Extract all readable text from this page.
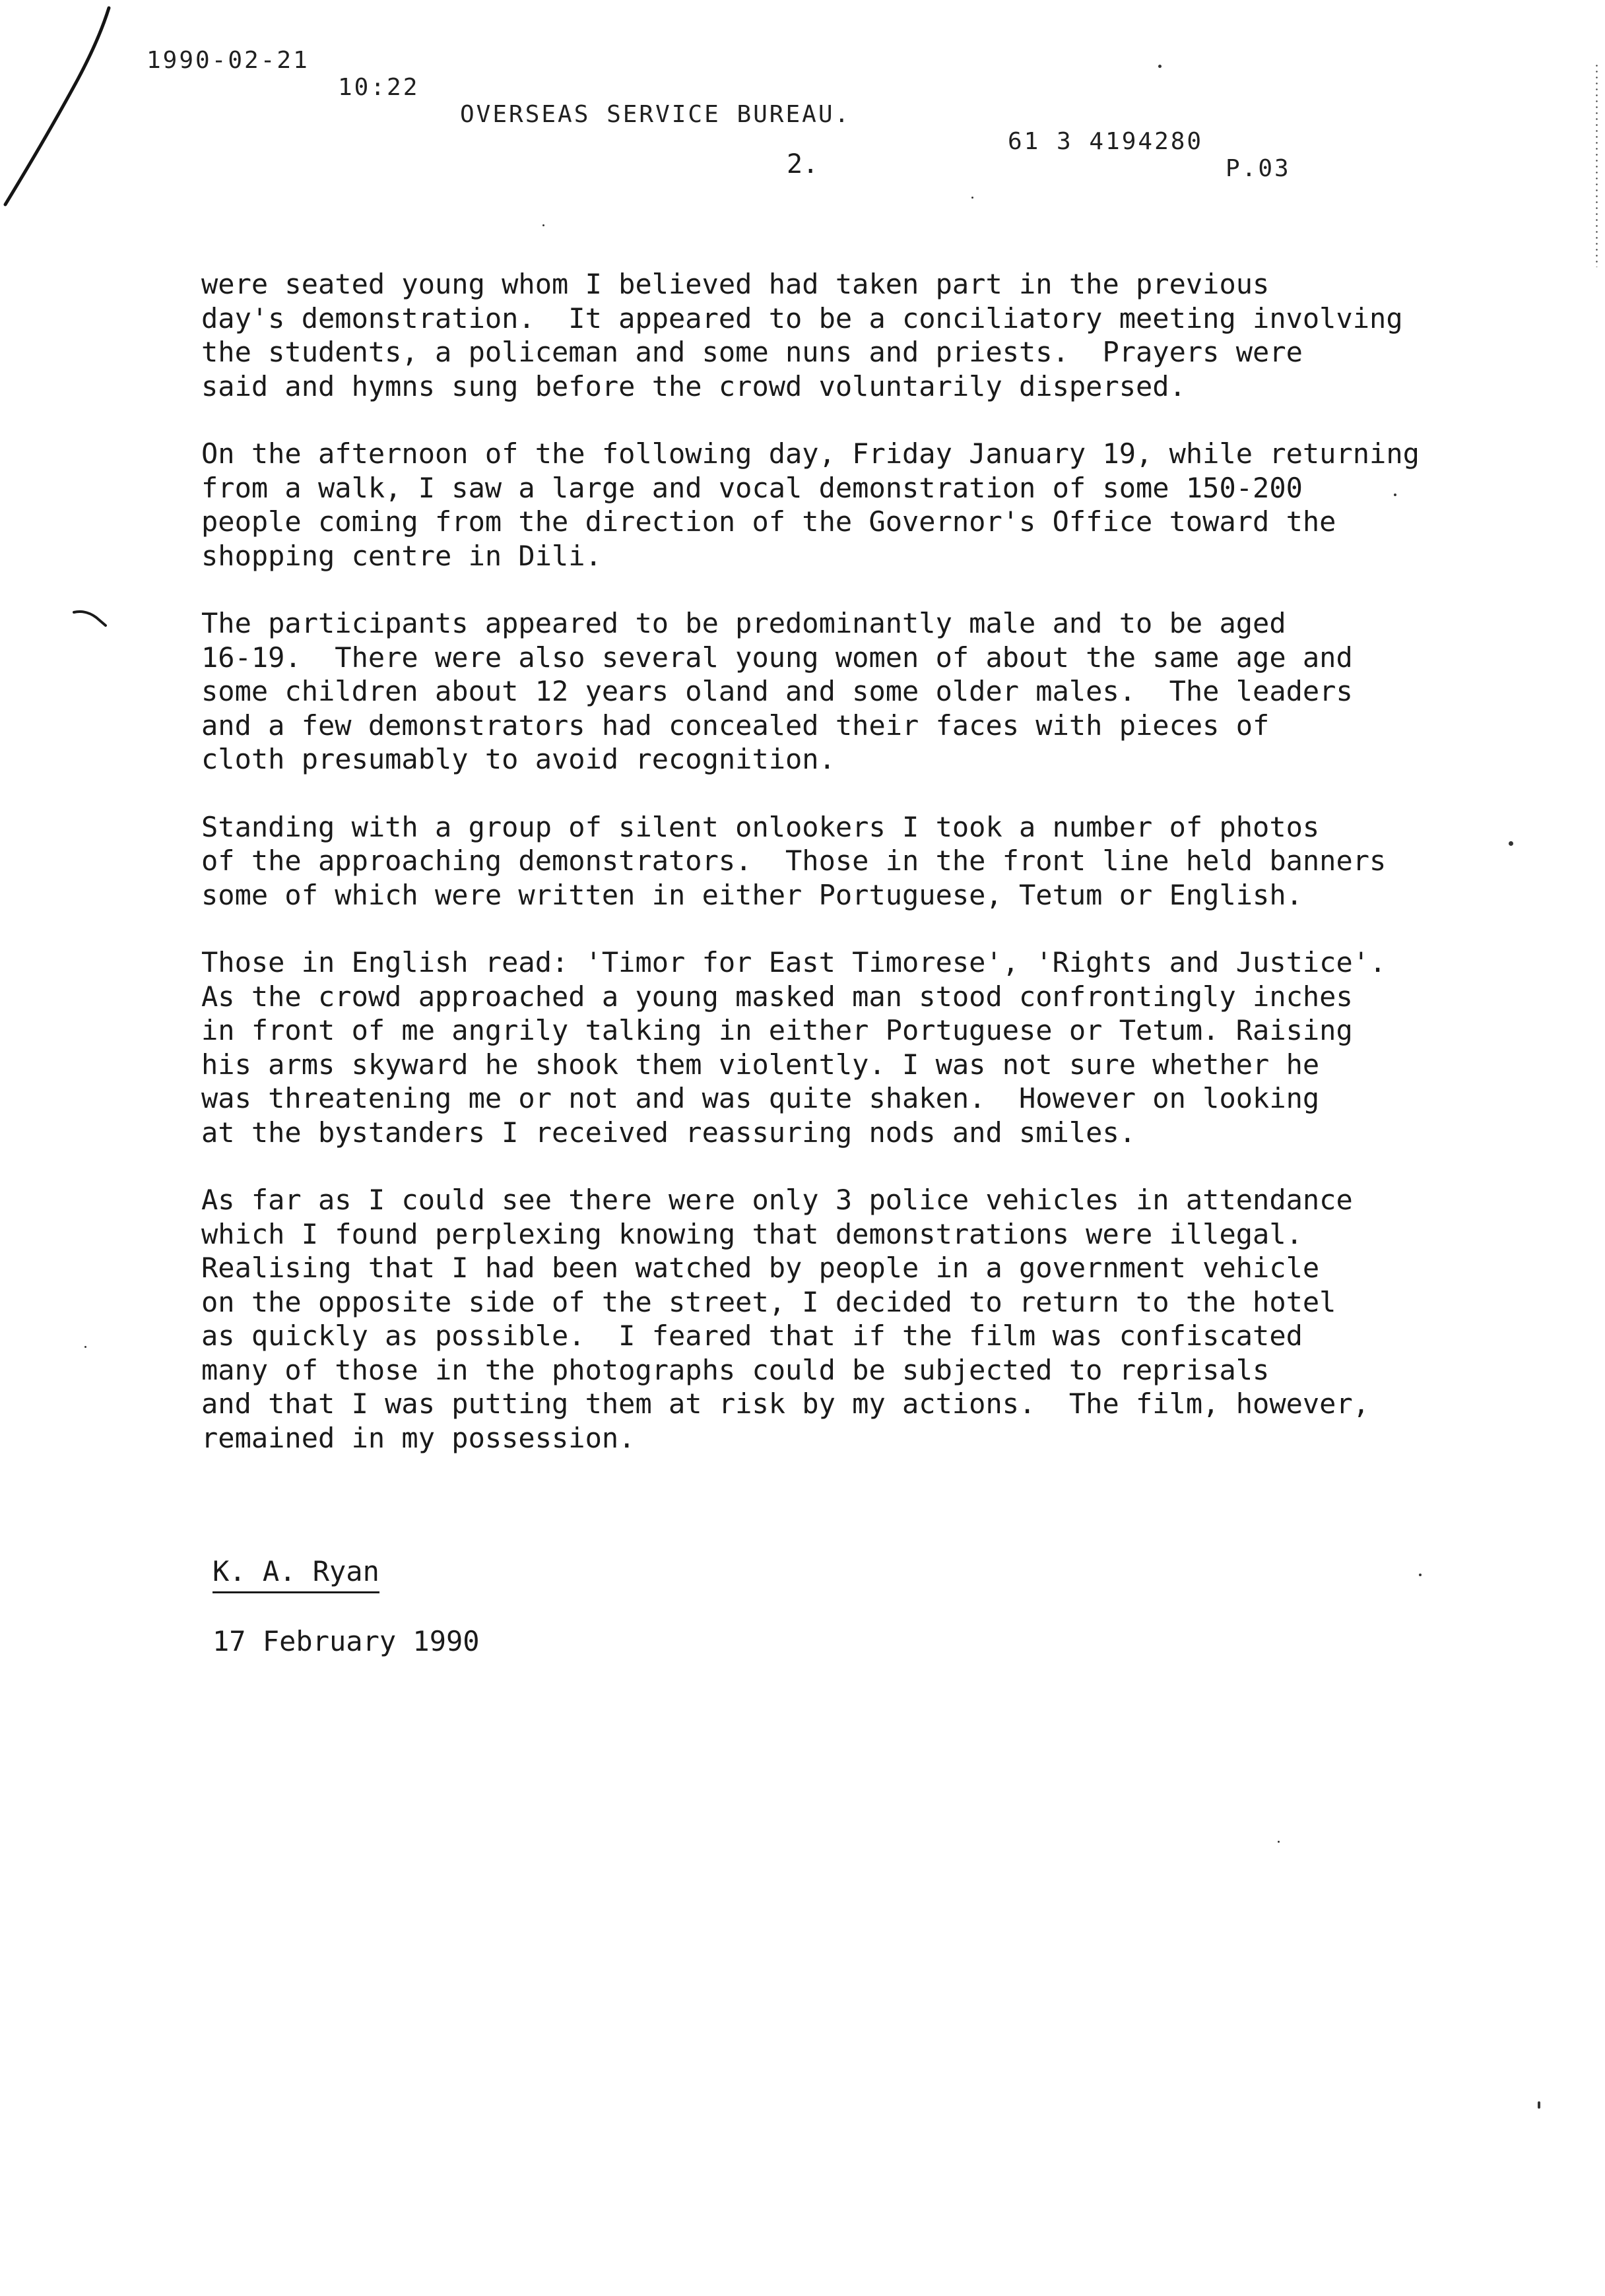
1990-02-21

10:22

OVERSEAS SERVICE BUREAU.

61 3 4194280

P.03

2.
were seated young whom I believed had taken part in the previous
day's demonstration.  It appeared to be a conciliatory meeting involving
the students, a policeman and some nuns and priests.  Prayers were
said and hymns sung before the crowd voluntarily dispersed.
On the afternoon of the following day, Friday January 19, while returning
from a walk, I saw a large and vocal demonstration of some 150-200
people coming from the direction of the Governor's Office toward the
shopping centre in Dili.
The participants appeared to be predominantly male and to be aged
16-19.  There were also several young women of about the same age and
some children about 12 years oland and some older males.  The leaders
and a few demonstrators had concealed their faces with pieces of
cloth presumably to avoid recognition.
Standing with a group of silent onlookers I took a number of photos
of the approaching demonstrators.  Those in the front line held banners
some of which were written in either Portuguese, Tetum or English.
Those in English read: 'Timor for East Timorese', 'Rights and Justice'.
As the crowd approached a young masked man stood confrontingly inches
in front of me angrily talking in either Portuguese or Tetum. Raising
his arms skyward he shook them violently. I was not sure whether he
was threatening me or not and was quite shaken.  However on looking
at the bystanders I received reassuring nods and smiles.
As far as I could see there were only 3 police vehicles in attendance
which I found perplexing knowing that demonstrations were illegal.
Realising that I had been watched by people in a government vehicle
on the opposite side of the street, I decided to return to the hotel
as quickly as possible.  I feared that if the film was confiscated
many of those in the photographs could be subjected to reprisals
and that I was putting them at risk by my actions.  The film, however,
remained in my possession.
K. A. Ryan
17 February 1990
